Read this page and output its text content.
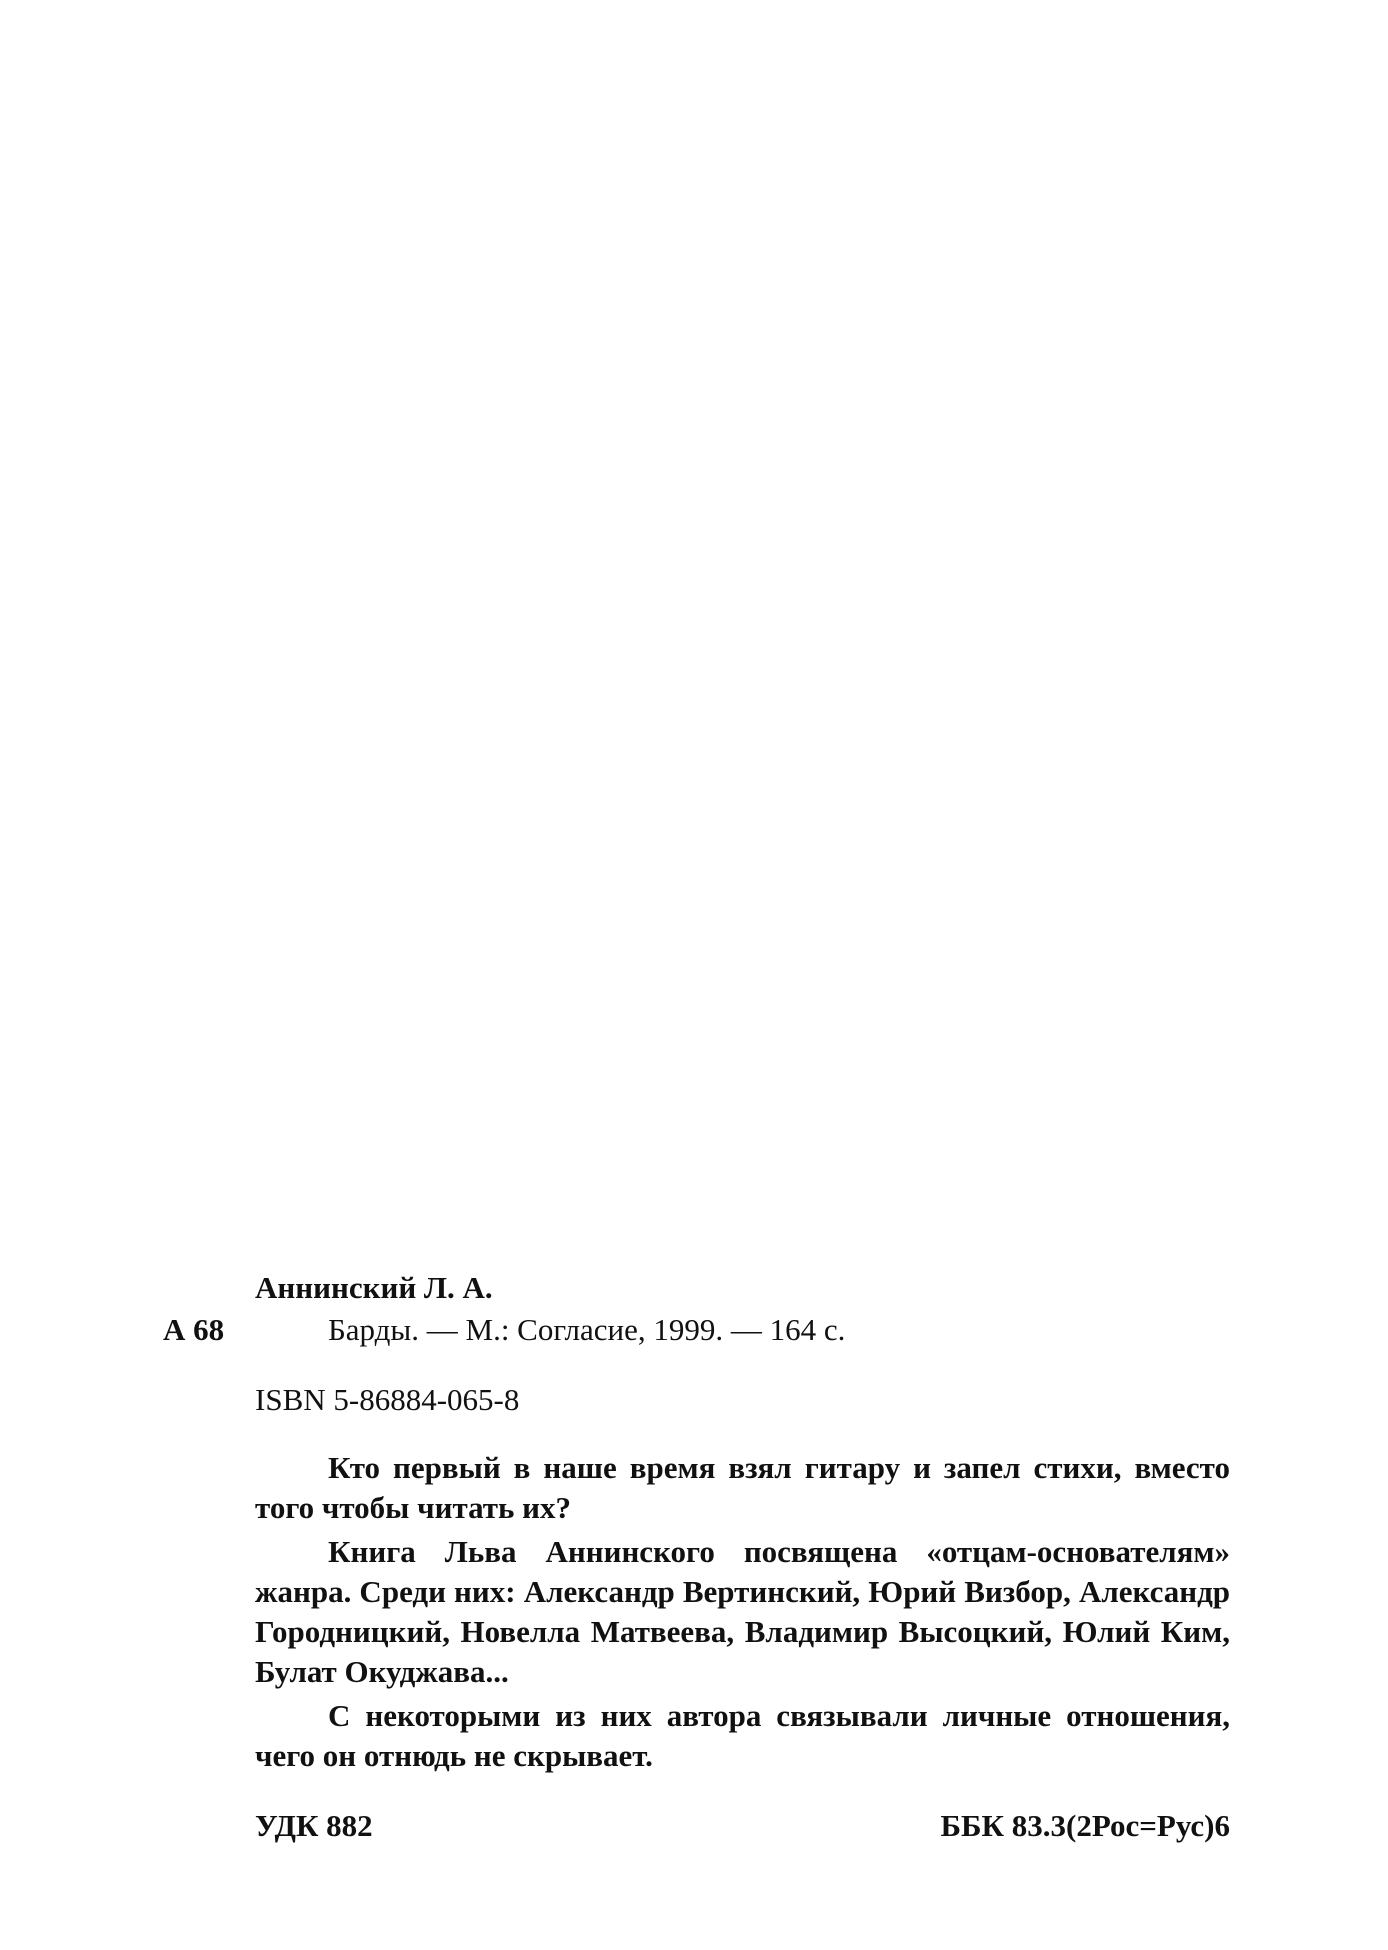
Аннинский Л. А.
А 68	Барды. — М.: Согласие, 1999. — 164 с.
ISBN 5-86884-065-8

Кто первый в наше время взял гитару и запел стихи, вместо того чтобы читать их?

Книга Льва Аннинского посвящена «отцам-основателям» жанра. Среди них: Александр Вертинский, Юрий Визбор, Александр Городницкий, Новелла Матвеева, Владимир Высоцкий, Юлий Ким, Булат Окуджава...

С некоторыми из них автора связывали личные отношения, чего он отнюдь не скрывает.

УДК 882	ББК 83.3(2Рос=Рус)6
